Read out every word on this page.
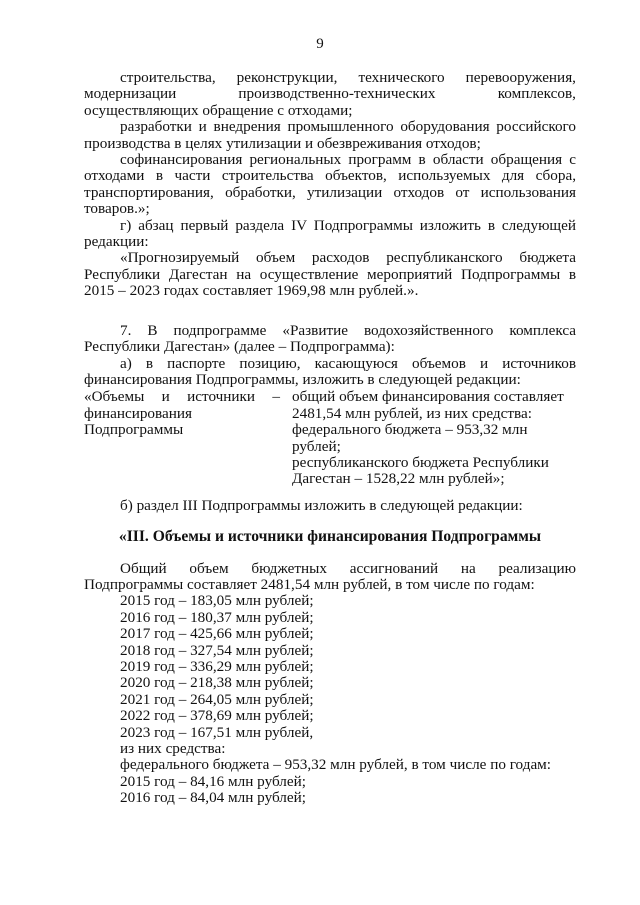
9
строительства, реконструкции, технического перевооружения,
модернизации	производственно-технических	комплексов,
осуществляющих обращение с отходами;
разработки и внедрения промышленного оборудования российского производства в целях утилизации и обезвреживания отходов;
софинансирования региональных программ в области обращения с отходами в части строительства объектов, используемых для сбора, транспортирования, обработки, утилизации отходов от использования товаров.»;
г) абзац первый раздела IV Подпрограммы изложить в следующей редакции:
«Прогнозируемый объем расходов республиканского бюджета Республики Дагестан на осуществление мероприятий Подпрограммы в 2015 – 2023 годах составляет 1969,98 млн рублей.».
7. В подпрограмме «Развитие водохозяйственного комплекса Республики Дагестан» (далее – Подпрограмма):
а) в паспорте позицию, касающуюся объемов и источников финансирования Подпрограммы, изложить в следующей редакции:
«Объемы и источники –
финансирования
Подпрограммы
общий объем финансирования составляет
2481,54 млн рублей, из них средства:
федерального бюджета – 953,32 млн
рублей;
республиканского бюджета Республики
Дагестан – 1528,22 млн рублей»;
б) раздел III Подпрограммы изложить в следующей редакции:
«III. Объемы и источники финансирования Подпрограммы
Общий объем бюджетных ассигнований на реализацию Подпрограммы составляет 2481,54 млн рублей, в том числе по годам:
2015 год – 183,05 млн рублей;
2016 год – 180,37 млн рублей;
2017 год – 425,66 млн рублей;
2018 год – 327,54 млн рублей;
2019 год – 336,29 млн рублей;
2020 год – 218,38 млн рублей;
2021 год – 264,05 млн рублей;
2022 год – 378,69 млн рублей;
2023 год – 167,51 млн рублей,
из них средства:
федерального бюджета – 953,32 млн рублей, в том числе по годам:
2015 год – 84,16 млн рублей;
2016 год – 84,04 млн рублей;
